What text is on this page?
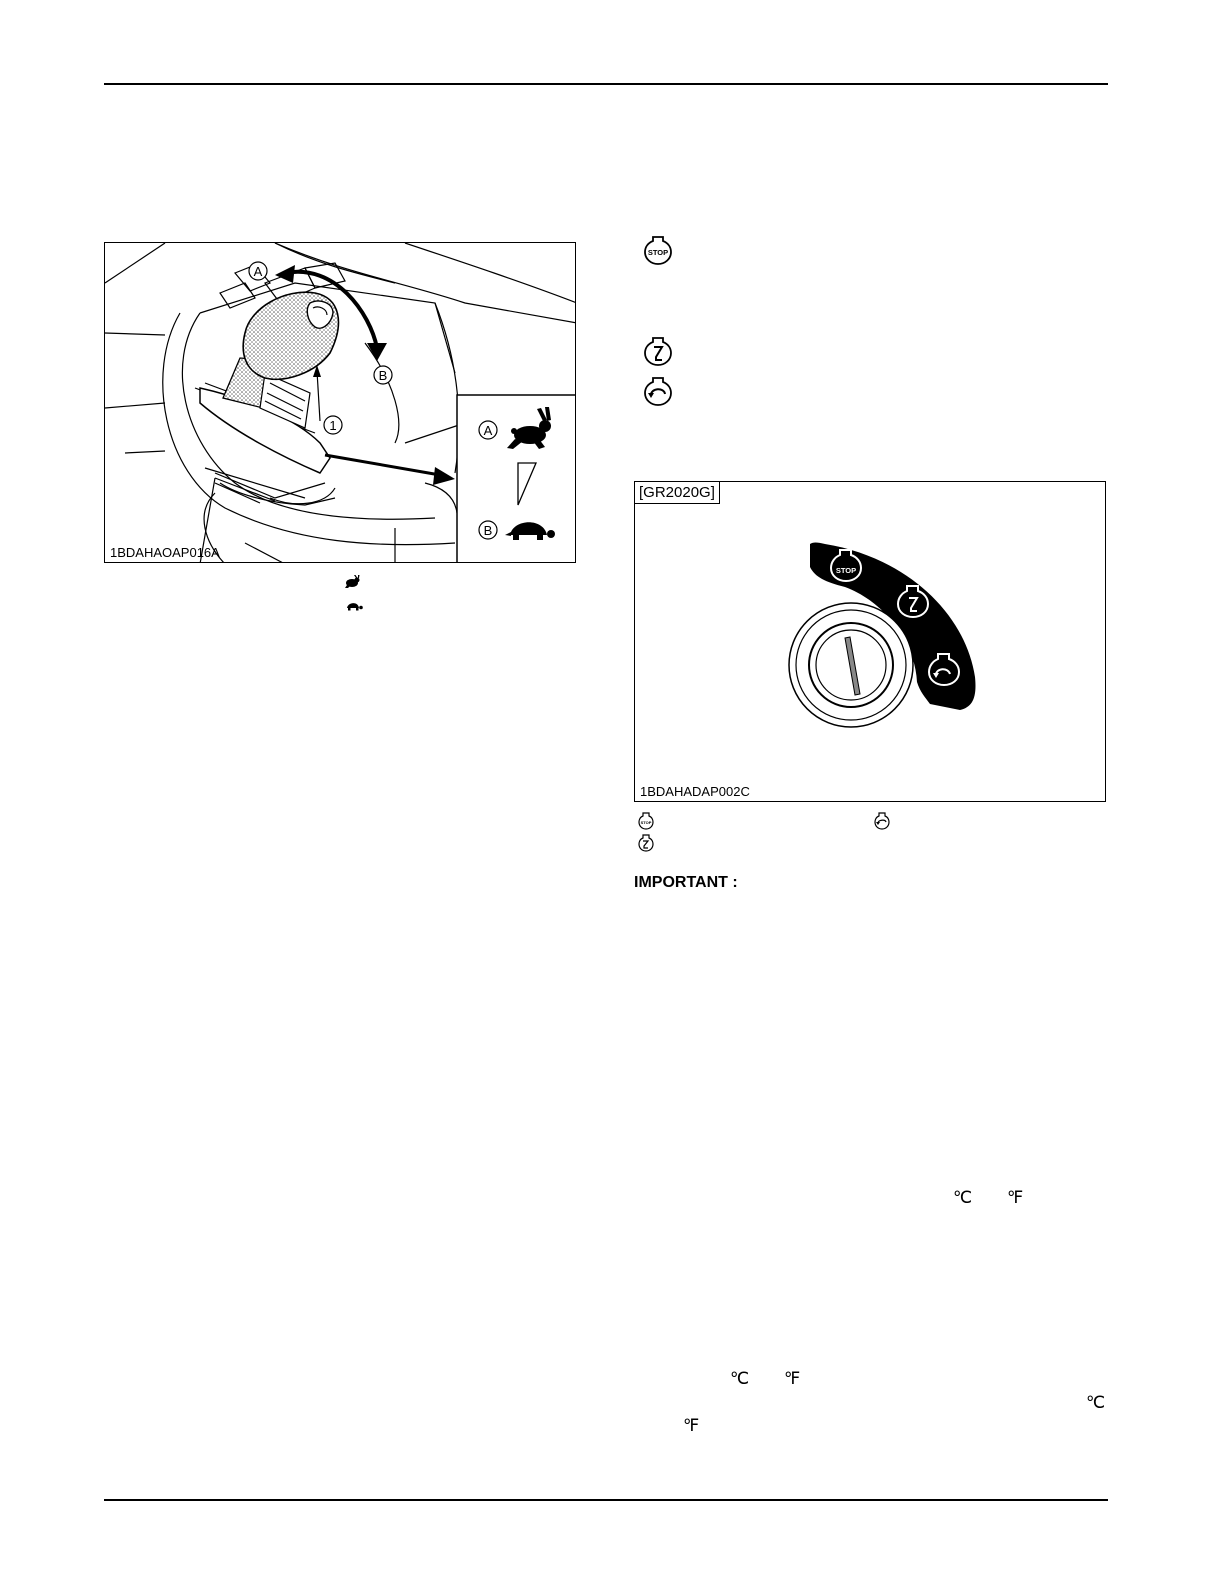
A
B
1	A
B
1BDAHAOAP016A
STOP
[GR2020G]
STOP
1BDAHADAP002C
STOP
IMPORTANT :
℃ ℉
℃ ℉
℃
℉
